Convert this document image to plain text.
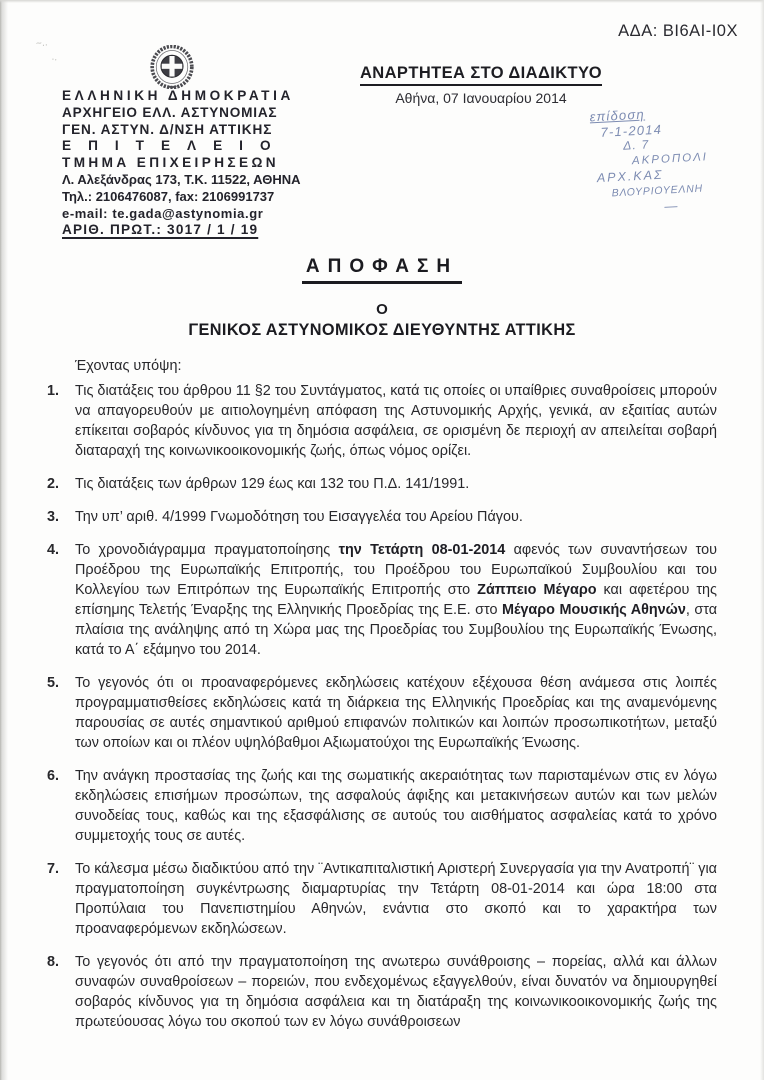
~..
..
ΑΔΑ: ΒΙ6ΑΙ-Ι0Χ
ΑΝΑΡΤΗΤΕΑ ΣΤΟ ΔΙΑΔΙΚΤΥΟ
Αθήνα, 07 Ιανουαρίου 2014
ΕΛΛΗΝΙΚΗ ΔΗΜΟΚΡΑΤΙΑ
ΑΡΧΗΓΕΙΟ ΕΛΛ. ΑΣΤΥΝΟΜΙΑΣ
ΓΕΝ. ΑΣΤΥΝ. Δ/ΝΣΗ ΑΤΤΙΚΗΣ
ΕΠΙΤΕΛΕΙΟ
ΤΜΗΜΑ ΕΠΙΧΕΙΡΗΣΕΩΝ
Λ. Αλεξάνδρας 173, Τ.Κ. 11522, ΑΘΗΝΑ
Τηλ.: 2106476087, fax: 2106991737
e-mail: te.gada@astynomia.gr
ΑΡΙΘ. ΠΡΩΤ.: 3017 / 1 / 19
επίδοση
7-1-2014
Δ. 7
ΑΚΡΟΠΟΛΙ
ΑΡΧ.ΚΑΣ
ΒΛΟΥΡΙΟΥΕΛΝΗ
—
ΑΠΟΦΑΣΗ
Ο
ΓΕΝΙΚΟΣ ΑΣΤΥΝΟΜΙΚΟΣ ΔΙΕΥΘΥΝΤΗΣ ΑΤΤΙΚΗΣ
Έχοντας υπόψη:
1.	Τις διατάξεις του άρθρου 11 §2 του Συντάγματος, κατά τις οποίες οι υπαίθριες συναθροίσεις μπορούν να απαγορευθούν με αιτιολογημένη απόφαση της Αστυνομικής Αρχής, γενικά, αν εξαιτίας αυτών επίκειται σοβαρός κίνδυνος για τη δημόσια ασφάλεια, σε ορισμένη δε περιοχή αν απειλείται σοβαρή διαταραχή της κοινωνικοοικονομικής ζωής, όπως νόμος ορίζει.
2.	Τις διατάξεις των άρθρων 129 έως και 132 του Π.Δ. 141/1991.
3.	Την υπ’ αριθ. 4/1999 Γνωμοδότηση του Εισαγγελέα του Αρείου Πάγου.
4.	Το χρονοδιάγραμμα πραγματοποίησης την Τετάρτη 08-01-2014 αφενός των συναντήσεων του Προέδρου της Ευρωπαϊκής Επιτροπής, του Προέδρου του Ευρωπαϊκού Συμβουλίου και του Κολλεγίου των Επιτρόπων της Ευρωπαϊκής Επιτροπής στο Ζάππειο Μέγαρο και αφετέρου της επίσημης Τελετής Έναρξης της Ελληνικής Προεδρίας της Ε.Ε. στο Μέγαρο Μουσικής Αθηνών, στα πλαίσια της ανάληψης από τη Χώρα μας της Προεδρίας του Συμβουλίου της Ευρωπαϊκής Ένωσης, κατά το Α΄ εξάμηνο του 2014.
5.	Το γεγονός ότι οι προαναφερόμενες εκδηλώσεις κατέχουν εξέχουσα θέση ανάμεσα στις λοιπές προγραμματισθείσες εκδηλώσεις κατά τη διάρκεια της Ελληνικής Προεδρίας και της αναμενόμενης παρουσίας σε αυτές σημαντικού αριθμού επιφανών πολιτικών και λοιπών προσωπικοτήτων, μεταξύ των οποίων και οι πλέον υψηλόβαθμοι Αξιωματούχοι της Ευρωπαϊκής Ένωσης.
6.	Την ανάγκη προστασίας της ζωής και της σωματικής ακεραιότητας των παρισταμένων στις εν λόγω εκδηλώσεις επισήμων προσώπων, της ασφαλούς άφιξης και μετακινήσεων αυτών και των μελών συνοδείας τους, καθώς και της εξασφάλισης σε αυτούς του αισθήματος ασφαλείας κατά το χρόνο συμμετοχής τους σε αυτές.
7.	Το κάλεσμα μέσω διαδικτύου από την ¨Αντικαπιταλιστική Αριστερή Συνεργασία για την Ανατροπή¨ για πραγματοποίηση συγκέντρωσης διαμαρτυρίας την Τετάρτη 08-01-2014 και ώρα 18:00 στα Προπύλαια του Πανεπιστημίου Αθηνών, ενάντια στο σκοπό και το χαρακτήρα των προαναφερόμενων εκδηλώσεων.
8.	Το γεγονός ότι από την πραγματοποίηση της ανωτερω συνάθροισης – πορείας, αλλά και άλλων συναφών συναθροίσεων – πορειών, που ενδεχομένως εξαγγελθούν, είναι δυνατόν να δημιουργηθεί σοβαρός κίνδυνος για τη δημόσια ασφάλεια και τη διατάραξη της κοινωνικοοικονομικής ζωής της πρωτεύουσας λόγω του σκοπού των εν λόγω συνάθροισεων
